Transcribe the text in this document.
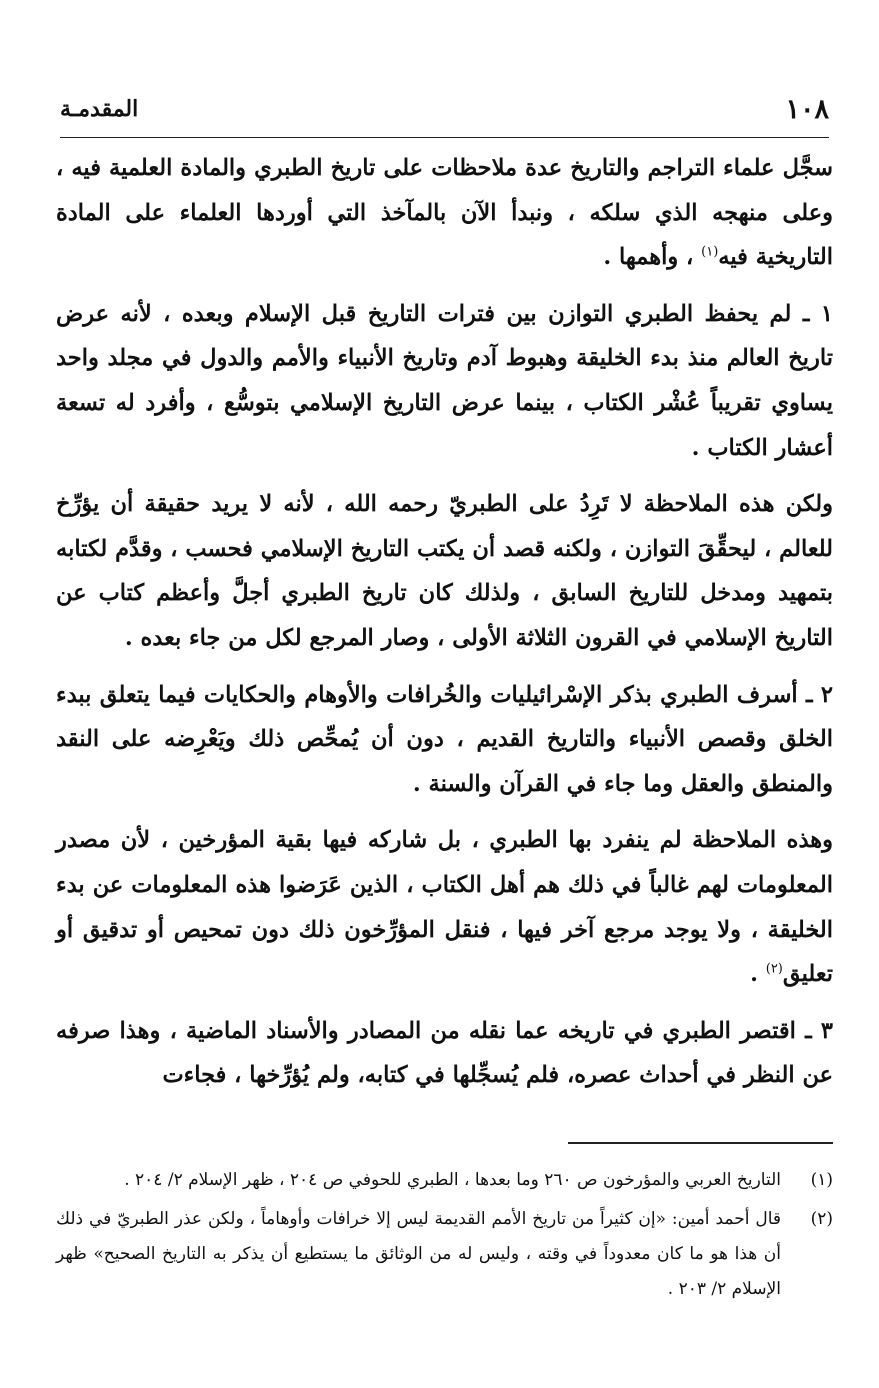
١٠٨
المقدمـة

سجَّل علماء التراجم والتاريخ عدة ملاحظات على تاريخ الطبري والمادة العلمية فيه ، وعلى منهجه الذي سلكه ، ونبدأ الآن بالمآخذ التي أوردها العلماء على المادة التاريخية فيه$^{(١)}$ ، وأهمها .

١ ـ لم يحفظ الطبري التوازن بين فترات التاريخ قبل الإسلام وبعده ، لأنه عرض تاريخ العالم منذ بدء الخليقة وهبوط آدم وتاريخ الأنبياء والأمم والدول في مجلد واحد يساوي تقريباً عُشْر الكتاب ، بينما عرض التاريخ الإسلامي بتوسُّع ، وأفرد له تسعة أعشار الكتاب .

ولكن هذه الملاحظة لا تَرِدُ على الطبريّ رحمه الله ، لأنه لا يريد حقيقة أن يؤرِّخ للعالم ، ليحقِّقَ التوازن ، ولكنه قصد أن يكتب التاريخ الإسلامي فحسب ، وقدَّم لكتابه بتمهيد ومدخل للتاريخ السابق ، ولذلك كان تاريخ الطبري أجلَّ وأعظم كتاب عن التاريخ الإسلامي في القرون الثلاثة الأولى ، وصار المرجع لكل من جاء بعده .

٢ ـ أسرف الطبري بذكر الإسْرائيليات والخُرافات والأوهام والحكايات فيما يتعلق ببدء الخلق وقصص الأنبياء والتاريخ القديم ، دون أن يُمحِّص ذلك ويَعْرِضه على النقد والمنطق والعقل وما جاء في القرآن والسنة .

وهذه الملاحظة لم ينفرد بها الطبري ، بل شاركه فيها بقية المؤرخين ، لأن مصدر المعلومات لهم غالباً في ذلك هم أهل الكتاب ، الذين عَرَضوا هذه المعلومات عن بدء الخليقة ، ولا يوجد مرجع آخر فيها ، فنقل المؤرِّخون ذلك دون تمحيص أو تدقيق أو تعليق$^{(٢)}$ .

٣ ـ اقتصر الطبري في تاريخه عما نقله من المصادر والأسناد الماضية ، وهذا صرفه عن النظر في أحداث عصره، فلم يُسجِّلها في كتابه، ولم يُؤرِّخها ، فجاءت

(١)
التاريخ العربي والمؤرخون ص ٢٦٠ وما بعدها ، الطبري للحوفي ص ٢٠٤ ، ظهر الإسلام ٢/ ٢٠٤ .

(٢)
قال أحمد أمين: «إن كثيراً من تاريخ الأمم القديمة ليس إلا خرافات وأوهاماً ، ولكن عذر الطبريّ في ذلك أن هذا هو ما كان معدوداً في وقته ، وليس له من الوثائق ما يستطيع أن يذكر به التاريخ الصحيح» ظهر الإسلام ٢/ ٢٠٣ .
